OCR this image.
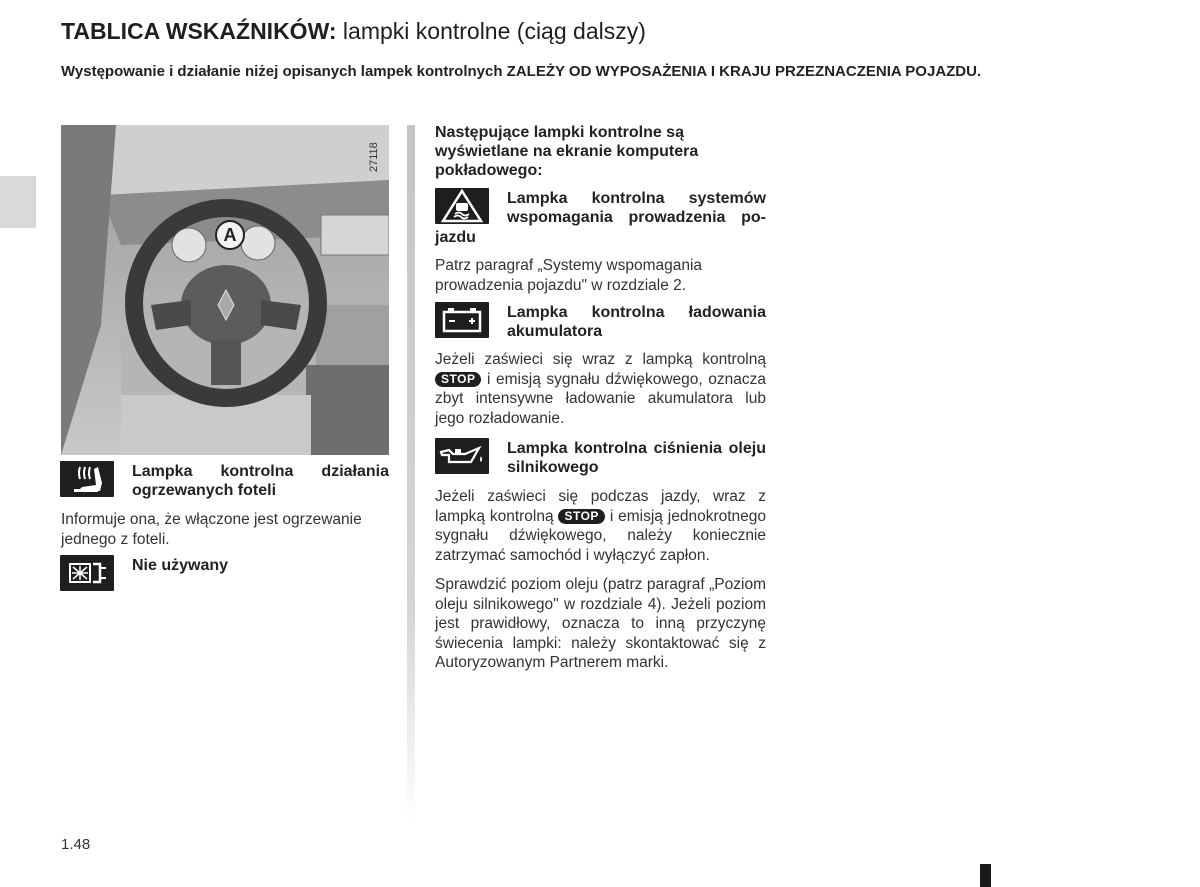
TABLICA WSKAŹNIKÓW: lampki kontrolne (ciąg dalszy)
Występowanie i działanie niżej opisanych lampek kontrolnych ZALEŻY OD WYPOSAŻENIA I KRAJU PRZEZNACZENIA POJAZDU.
27118
A
Lampka kontrolna działania ogrzewanych foteli
Informuje ona, że włączone jest ogrzewanie jednego z foteli.
Nie używany
Następujące lampki kontrolne są wyświetlane na ekranie komputera pokładowego:
Lampka kontrolna systemów
wspomagania prowadzenia po-
jazdu
Patrz paragraf „Systemy wspomagania prowadzenia pojazdu" w rozdziale 2.
Lampka kontrolna ładowania akumulatora
Jeżeli zaświeci się wraz z lampką kontrolną STOP i emisją sygnału dźwiękowego, oznacza zbyt intensywne ładowanie akumulatora lub jego rozładowanie.
Lampka kontrolna ciśnienia oleju silnikowego
Jeżeli zaświeci się podczas jazdy, wraz z lampką kontrolną STOP i emisją jednokrotnego sygnału dźwiękowego, należy koniecznie zatrzymać samochód i wyłączyć zapłon.
Sprawdzić poziom oleju (patrz paragraf „Poziom oleju silnikowego" w rozdziale 4). Jeżeli poziom jest prawidłowy, oznacza to inną przyczynę świecenia lampki: należy skontaktować się z Autoryzowanym Partnerem marki.
1.48
